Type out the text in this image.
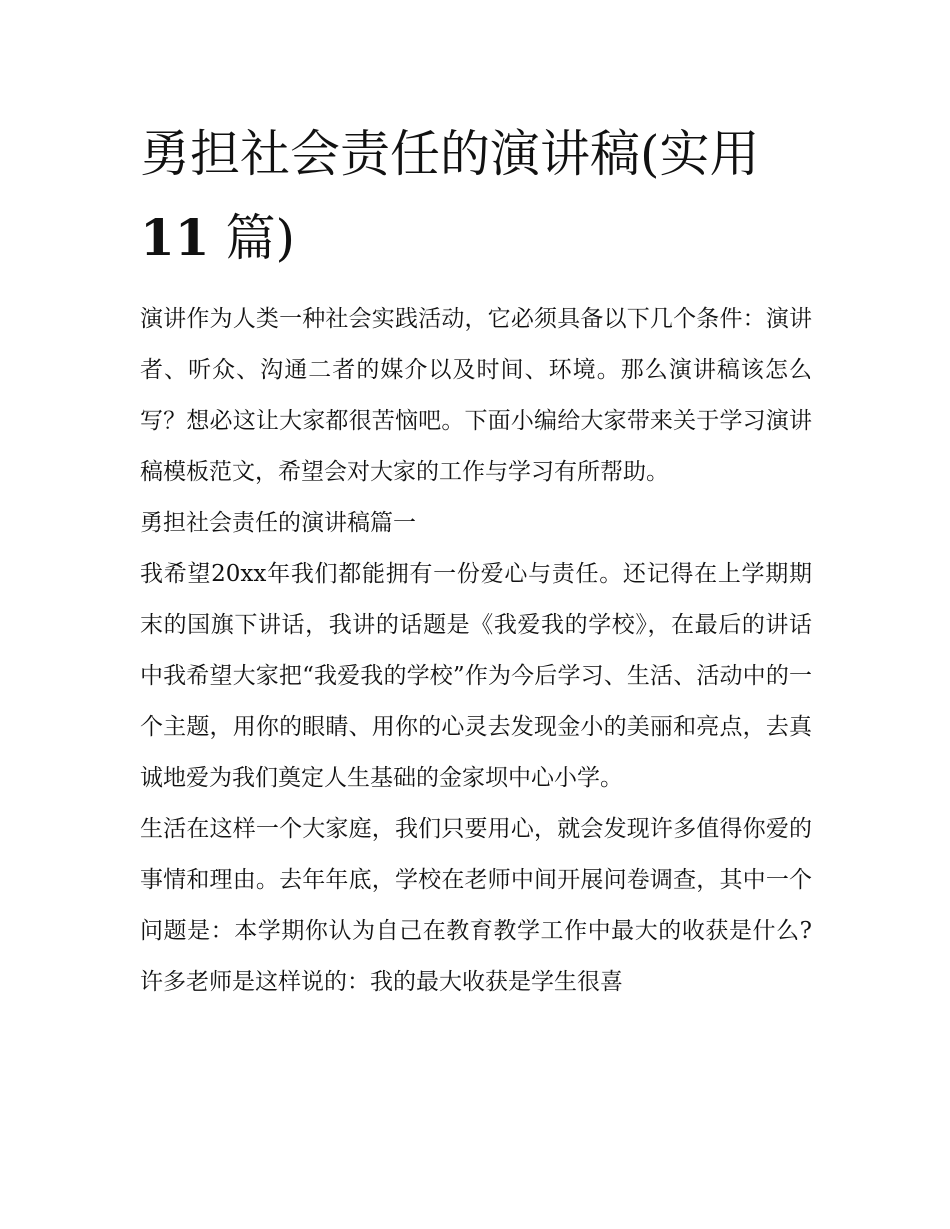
勇担社会责任的演讲稿(实用
11 篇)

演讲作为人类一种社会实践活动，它必须具备以下几个条件：演讲者、听众、沟通二者的媒介以及时间、环境。那么演讲稿该怎么写？想必这让大家都很苦恼吧。下面小编给大家带来关于学习演讲稿模板范文，希望会对大家的工作与学习有所帮助。

勇担社会责任的演讲稿篇一

我希望20xx年我们都能拥有一份爱心与责任。还记得在上学期期末的国旗下讲话，我讲的话题是《我爱我的学校》，在最后的讲话中我希望大家把“我爱我的学校”作为今后学习、生活、活动中的一个主题，用你的眼睛、用你的心灵去发现金小的美丽和亮点，去真诚地爱为我们奠定人生基础的金家坝中心小学。

生活在这样一个大家庭，我们只要用心，就会发现许多值得你爱的事情和理由。去年年底，学校在老师中间开展问卷调查，其中一个问题是：本学期你认为自己在教育教学工作中最大的收获是什么?许多老师是这样说的：我的最大收获是学生很喜
